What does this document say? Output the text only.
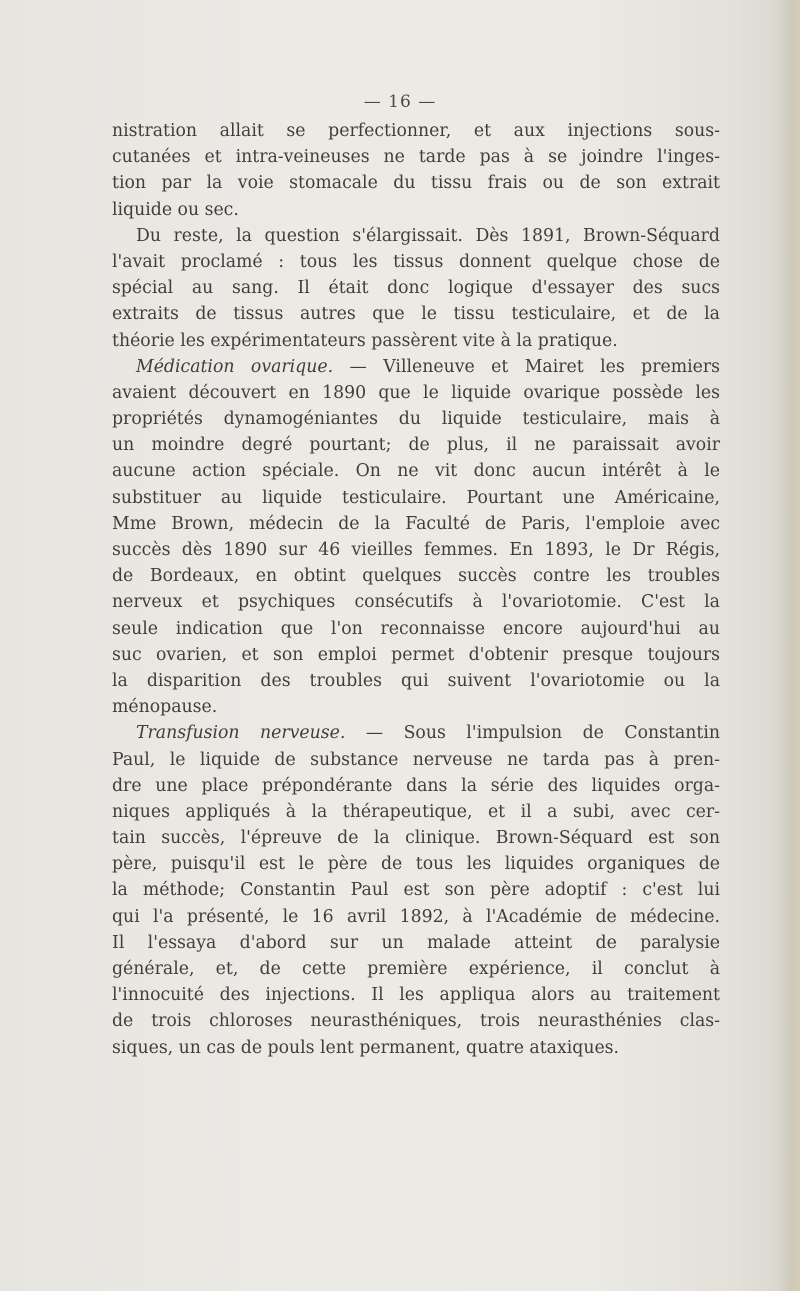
— 16 —
nistration allait se perfectionner, et aux injections sous-
cutanées et intra-veineuses ne tarde pas à se joindre l'inges-
tion par la voie stomacale du tissu frais ou de son extrait
liquide ou sec.
Du reste, la question s'élargissait. Dès 1891, Brown-Séquard
l'avait proclamé : tous les tissus donnent quelque chose de
spécial au sang. Il était donc logique d'essayer des sucs
extraits de tissus autres que le tissu testiculaire, et de la
théorie les expérimentateurs passèrent vite à la pratique.
Médication ovarique. — Villeneuve et Mairet les premiers
avaient découvert en 1890 que le liquide ovarique possède les
propriétés dynamogéniantes du liquide testiculaire, mais à
un moindre degré pourtant; de plus, il ne paraissait avoir
aucune action spéciale. On ne vit donc aucun intérêt à le
substituer au liquide testiculaire. Pourtant une Américaine,
Mme Brown, médecin de la Faculté de Paris, l'emploie avec
succès dès 1890 sur 46 vieilles femmes. En 1893, le Dr Régis,
de Bordeaux, en obtint quelques succès contre les troubles
nerveux et psychiques consécutifs à l'ovariotomie. C'est la
seule indication que l'on reconnaisse encore aujourd'hui au
suc ovarien, et son emploi permet d'obtenir presque toujours
la disparition des troubles qui suivent l'ovariotomie ou la
ménopause.
Transfusion nerveuse. — Sous l'impulsion de Constantin
Paul, le liquide de substance nerveuse ne tarda pas à pren-
dre une place prépondérante dans la série des liquides orga-
niques appliqués à la thérapeutique, et il a subi, avec cer-
tain succès, l'épreuve de la clinique. Brown-Séquard est son
père, puisqu'il est le père de tous les liquides organiques de
la méthode; Constantin Paul est son père adoptif : c'est lui
qui l'a présenté, le 16 avril 1892, à l'Académie de médecine.
Il l'essaya d'abord sur un malade atteint de paralysie
générale, et, de cette première expérience, il conclut à
l'innocuité des injections. Il les appliqua alors au traitement
de trois chloroses neurasthéniques, trois neurasthénies clas-
siques, un cas de pouls lent permanent, quatre ataxiques.
